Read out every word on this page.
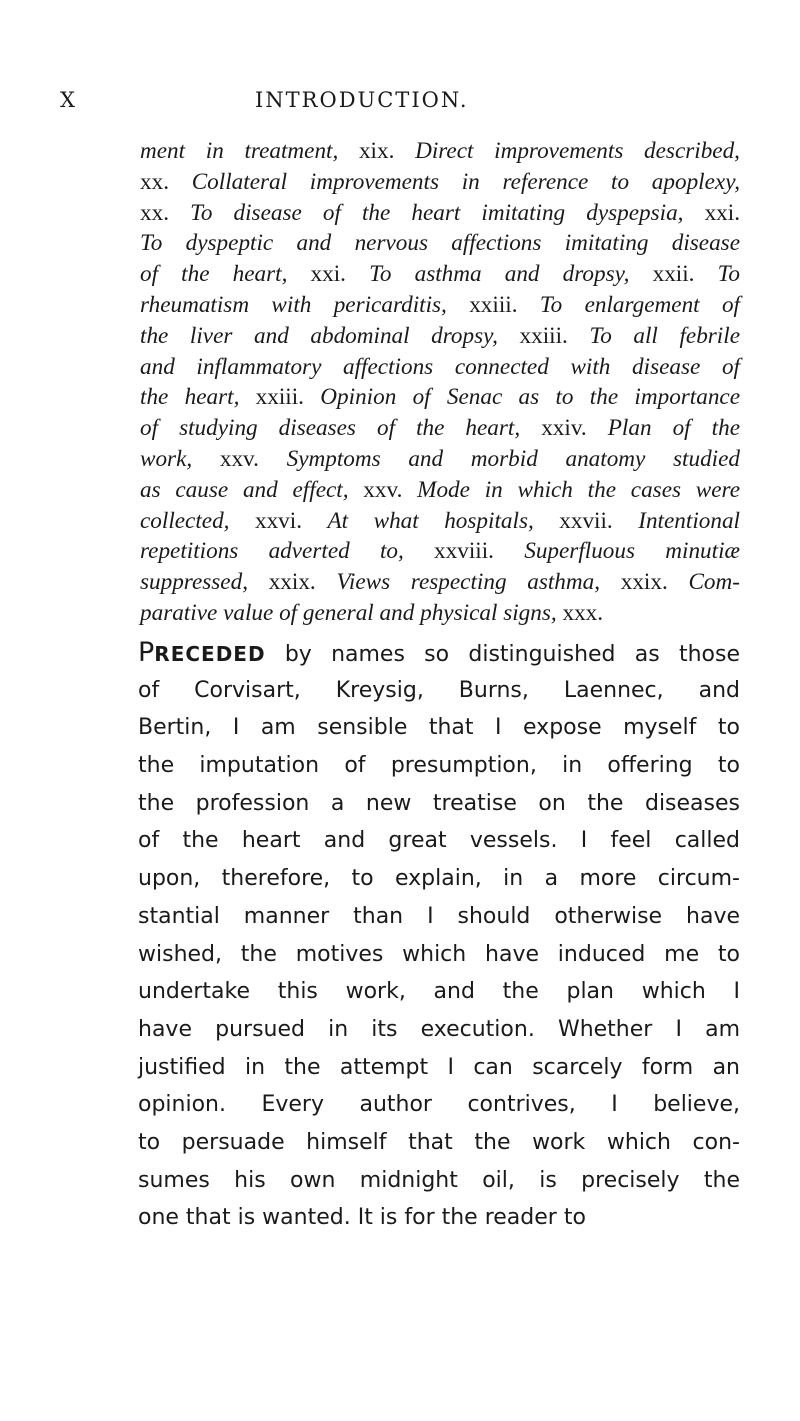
X	INTRODUCTION.
ment in treatment, xix. Direct improvements described,
xx. Collateral improvements in reference to apoplexy,
xx. To disease of the heart imitating dyspepsia, xxi.
To dyspeptic and nervous affections imitating disease
of the heart, xxi. To asthma and dropsy, xxii. To
rheumatism with pericarditis, xxiii. To enlargement of
the liver and abdominal dropsy, xxiii. To all febrile
and inflammatory affections connected with disease of
the heart, xxiii. Opinion of Senac as to the importance
of studying diseases of the heart, xxiv. Plan of the
work, xxv. Symptoms and morbid anatomy studied
as cause and effect, xxv. Mode in which the cases were
collected, xxvi. At what hospitals, xxvii. Intentional
repetitions adverted to, xxviii. Superfluous minutiæ
suppressed, xxix. Views respecting asthma, xxix. Com-
parative value of general and physical signs, xxx.
PRECEDED by names so distinguished as those
of Corvisart, Kreysig, Burns, Laennec, and
Bertin, I am sensible that I expose myself to
the imputation of presumption, in offering to
the profession a new treatise on the diseases
of the heart and great vessels. I feel called
upon, therefore, to explain, in a more circum-
stantial manner than I should otherwise have
wished, the motives which have induced me to
undertake this work, and the plan which I
have pursued in its execution. Whether I am
justified in the attempt I can scarcely form an
opinion. Every author contrives, I believe,
to persuade himself that the work which con-
sumes his own midnight oil, is precisely the
one that is wanted. It is for the reader to
